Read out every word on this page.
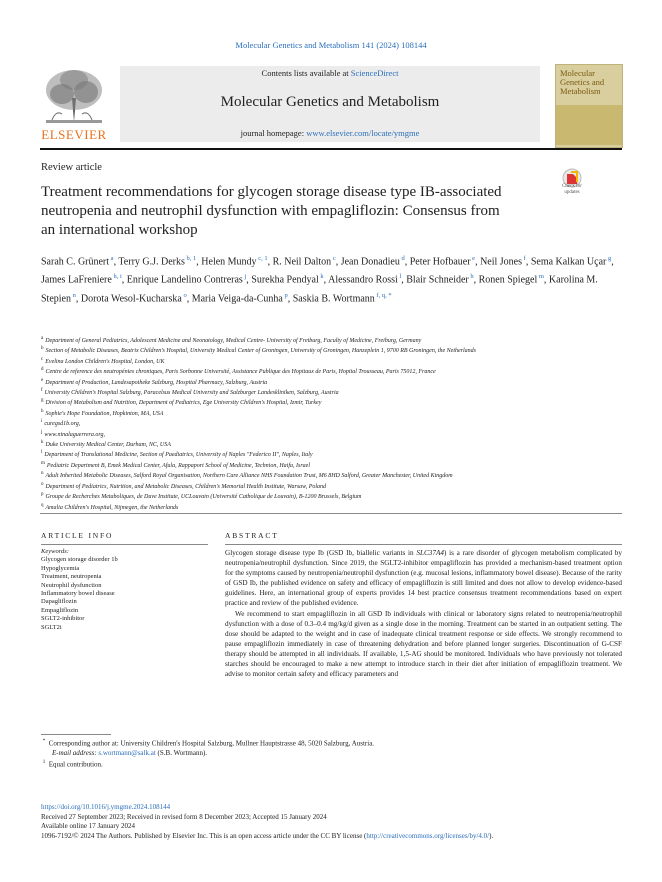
Molecular Genetics and Metabolism 141 (2024) 108144
ELSEVIER
Contents lists available at ScienceDirect
Molecular Genetics and Metabolism
journal homepage: www.elsevier.com/locate/ymgme
Molecular Genetics and Metabolism
Review article
Treatment recommendations for glycogen storage disease type IB-associated neutropenia and neutrophil dysfunction with empagliflozin: Consensus from an international workshop
Check for updates
Sarah C. Grünert $^a$, Terry G.J. Derks $^{b, 1}$, Helen Mundy $^{c, 1}$, R. Neil Dalton $^c$, Jean Donadieu $^d$, Peter Hofbauer $^e$, Neil Jones $^f$, Sema Kalkan Uçar $^g$, James LaFreniere $^{h, i}$, Enrique Landelino Contreras $^j$, Surekha Pendyal $^k$, Alessandro Rossi $^l$, Blair Schneider $^h$, Ronen Spiegel $^m$, Karolina M. Stepien $^n$, Dorota Wesol-Kucharska $^o$, Maria Veiga-da-Cunha $^p$, Saskia B. Wortmann $^{f, q, *}$
$^a$ Department of General Pediatrics, Adolescent Medicine and Neonatology, Medical Centre- University of Freiburg, Faculty of Medicine, Freiburg, Germany
$^b$ Section of Metabolic Diseases, Beatrix Children's Hospital, University Medical Center of Groningen, University of Groningen, Hanzeplein 1, 9700 RB Groningen, the Netherlands
$^c$ Evelina London Children's Hospital, London, UK
$^d$ Centre de reference des neutropénies chroniques, Paris Sorbonne Université, Assistance Publique des Hopitaux de Paris, Hopital Trousseau, Paris 75012, France
$^e$ Department of Production, Landesapotheke Salzburg, Hospital Pharmacy, Salzburg, Austria
$^f$ University Children's Hospital Salzburg, Paracelsus Medical University and Salzburger Landeskliniken, Salzburg, Austria
$^g$ Division of Metabolism and Nutrition, Department of Pediatrics, Ege University Children's Hospital, Izmir, Turkey
$^h$ Sophie's Hope Foundation, Hopkinton, MA, USA
$^i$ curegsd1b.org,
$^j$ www.ninalaguerrera.org,
$^k$ Duke University Medical Center, Durham, NC, USA
$^l$ Department of Translational Medicine, Section of Paediatrics, University of Naples "Federico II", Naples, Italy
$^m$ Pediatric Department B, Emek Medical Center, Afula, Rappaport School of Medicine, Technion, Haifa, Israel
$^n$ Adult Inherited Metabolic Diseases, Salford Royal Organisation, Northern Care Alliance NHS Foundation Trust, M6 8HD Salford, Greater Manchester, United Kingdom
$^o$ Department of Pediatrics, Nutrition, and Metabolic Diseases, Children's Memorial Health Institute, Warsaw, Poland
$^p$ Groupe de Recherches Metaboliques, de Duve Institute, UCLouvain (Université Catholique de Louvain), B-1200 Brussels, Belgium
$^q$ Amalia Children's Hospital, Nijmegen, the Netherlands
ARTICLE INFO	ABSTRACT
Keywords:
Glycogen storage disorder 1b
Hypoglycemia
Treatment, neutropenia
Neutrophil dysfunction
Inflammatory bowel disease
Dapagliflozin
Empagliflozin
SGLT2-inhibitor
SGLT2i

Glycogen storage disease type Ib (GSD Ib, biallelic variants in SLC37A4) is a rare disorder of glycogen metabolism complicated by neutropenia/neutrophil dysfunction. Since 2019, the SGLT2-inhibitor empagliflozin has provided a mechanism-based treatment option for the symptoms caused by neutropenia/neutrophil dysfunction (e.g. mucosal lesions, inflammatory bowel disease). Because of the rarity of GSD Ib, the published evidence on safety and efficacy of empagliflozin is still limited and does not allow to develop evidence-based guidelines. Here, an international group of experts provides 14 best practice consensus treatment recommendations based on expert practice and review of the published evidence.

We recommend to start empagliflozin in all GSD Ib individuals with clinical or laboratory signs related to neutropenia/neutrophil dysfunction with a dose of 0.3–0.4 mg/kg/d given as a single dose in the morning. Treatment can be started in an outpatient setting. The dose should be adapted to the weight and in case of inadequate clinical treatment response or side effects. We strongly recommend to pause empagliflozin immediately in case of threatening dehydration and before planned longer surgeries. Discontinuation of G-CSF therapy should be attempted in all individuals. If available, 1,5-AG should be monitored. Individuals who have previously not tolerated starches should be encouraged to make a new attempt to introduce starch in their diet after initiation of empagliflozin treatment. We advise to monitor certain safety and efficacy parameters and

* Corresponding author at: University Children's Hospital Salzburg, Mullner Hauptstrasse 48, 5020 Salzburg, Austria.
E-mail address: s.wortmann@salk.at (S.B. Wortmann).
$^1$ Equal contribution.
https://doi.org/10.1016/j.ymgme.2024.108144
Received 27 September 2023; Received in revised form 8 December 2023; Accepted 15 January 2024
Available online 17 January 2024
1096-7192/© 2024 The Authors. Published by Elsevier Inc. This is an open access article under the CC BY license (http://creativecommons.org/licenses/by/4.0/).
